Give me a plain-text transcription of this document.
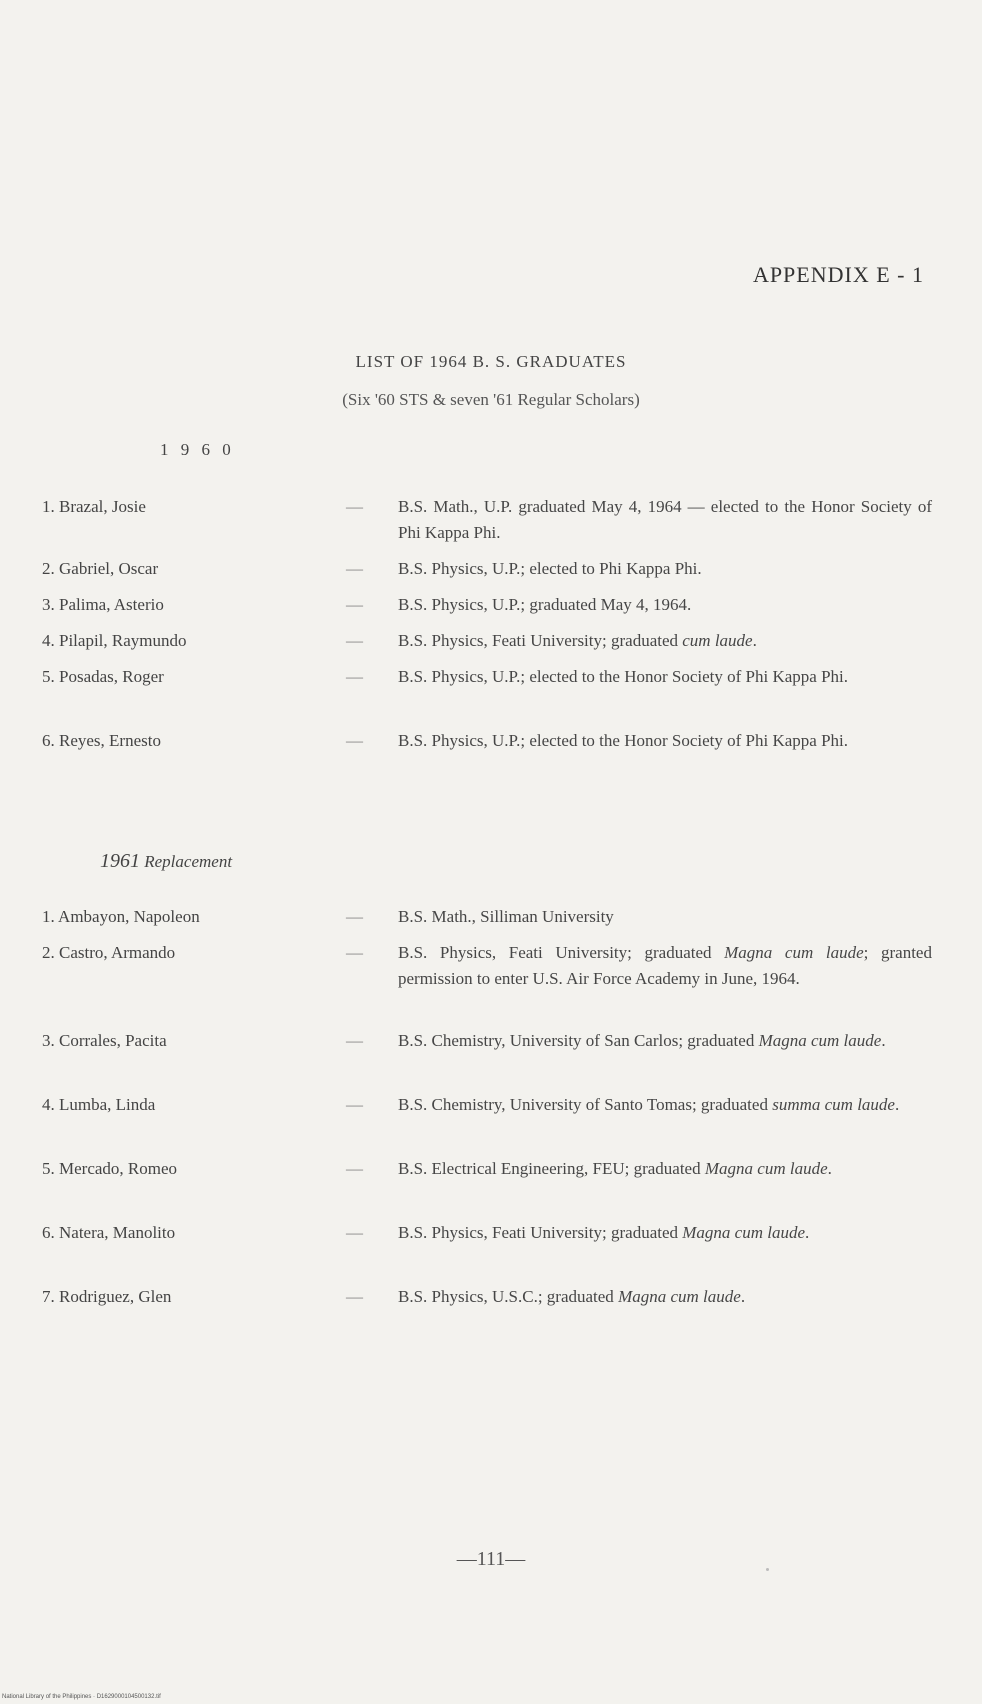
APPENDIX E - 1
LIST OF 1964 B. S. GRADUATES
(Six '60 STS & seven '61 Regular Scholars)
1 9 6 0
1. Brazal, Josie	—	B.S. Math., U.P. graduated May 4, 1964 — elected to the Honor Society of Phi Kappa Phi.
2. Gabriel, Oscar	—	B.S. Physics, U.P.; elected to Phi Kappa Phi.
3. Palima, Asterio	—	B.S. Physics, U.P.; graduated May 4, 1964.
4. Pilapil, Raymundo	—	B.S. Physics, Feati University; graduated cum laude.
5. Posadas, Roger	—	B.S. Physics, U.P.; elected to the Honor Society of Phi Kappa Phi.
6. Reyes, Ernesto	—	B.S. Physics, U.P.; elected to the Honor Society of Phi Kappa Phi.
1961 Replacement
1. Ambayon, Napoleon	—	B.S. Math., Silliman University
2. Castro, Armando	—	B.S. Physics, Feati University; graduated Magna cum laude; granted permission to enter U.S. Air Force Academy in June, 1964.
3. Corrales, Pacita	—	B.S. Chemistry, University of San Carlos; graduated Magna cum laude.
4. Lumba, Linda	—	B.S. Chemistry, University of Santo Tomas; graduated summa cum laude.
5. Mercado, Romeo	—	B.S. Electrical Engineering, FEU; graduated Magna cum laude.
6. Natera, Manolito	—	B.S. Physics, Feati University; graduated Magna cum laude.
7. Rodriguez, Glen	—	B.S. Physics, U.S.C.; graduated Magna cum laude.
—111—
National Library of the Philippines · D1629000104500132.tif
